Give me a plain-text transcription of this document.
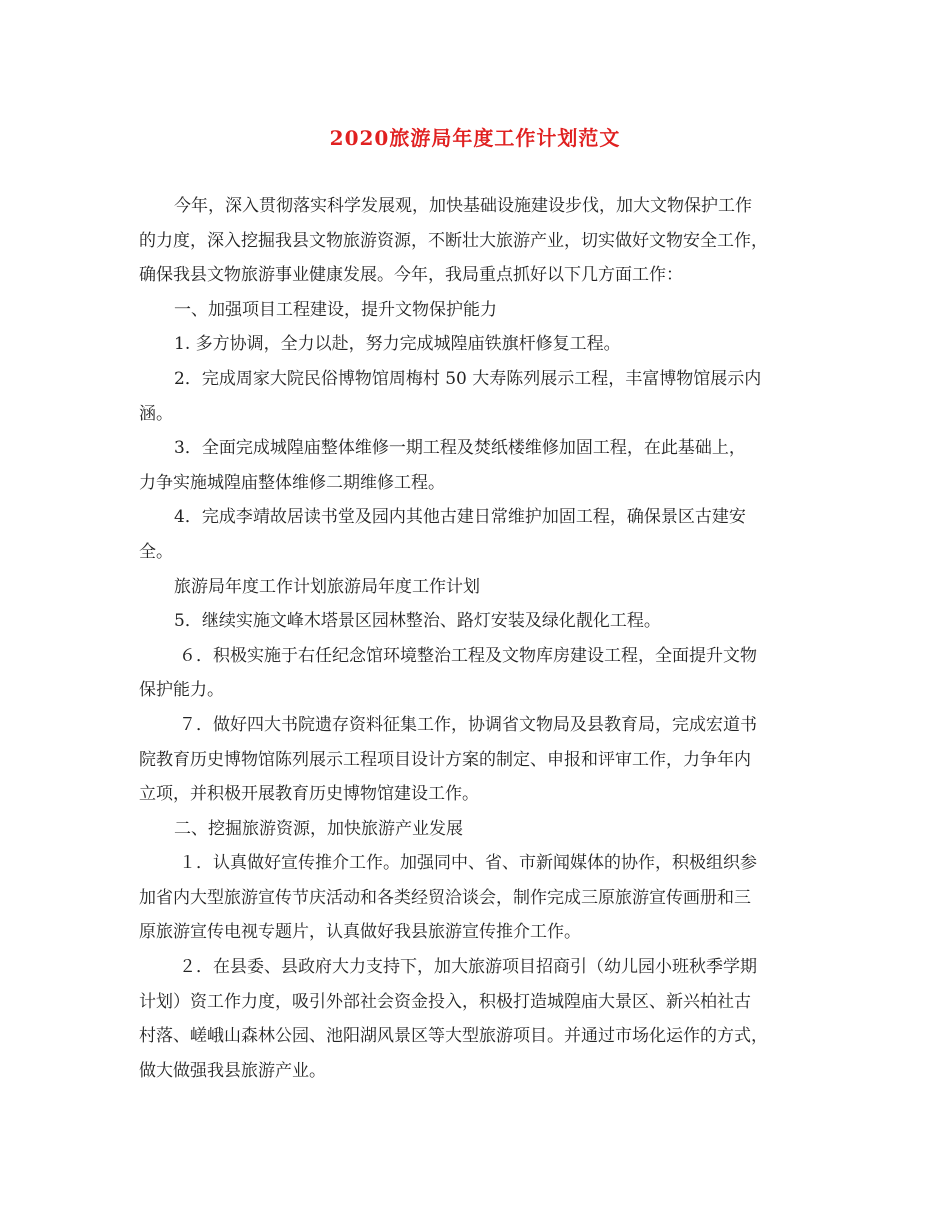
2020旅游局年度工作计划范文
今年，深入贯彻落实科学发展观，加快基础设施建设步伐，加大文物保护工作
的力度，深入挖掘我县文物旅游资源，不断壮大旅游产业，切实做好文物安全工作，
确保我县文物旅游事业健康发展。今年，我局重点抓好以下几方面工作：
一、加强项目工程建设，提升文物保护能力
1. 多方协调，全力以赴，努力完成城隍庙铁旗杆修复工程。
2．完成周家大院民俗博物馆周梅村 50 大寿陈列展示工程，丰富博物馆展示内
涵。
3．全面完成城隍庙整体维修一期工程及焚纸楼维修加固工程，在此基础上，
力争实施城隍庙整体维修二期维修工程。
4．完成李靖故居读书堂及园内其他古建日常维护加固工程，确保景区古建安
全。
旅游局年度工作计划旅游局年度工作计划
5．继续实施文峰木塔景区园林整治、路灯安装及绿化靓化工程。
６．积极实施于右任纪念馆环境整治工程及文物库房建设工程，全面提升文物
保护能力。
７．做好四大书院遗存资料征集工作，协调省文物局及县教育局，完成宏道书
院教育历史博物馆陈列展示工程项目设计方案的制定、申报和评审工作，力争年内
立项，并积极开展教育历史博物馆建设工作。
二、挖掘旅游资源，加快旅游产业发展
１．认真做好宣传推介工作。加强同中、省、市新闻媒体的协作，积极组织参
加省内大型旅游宣传节庆活动和各类经贸洽谈会，制作完成三原旅游宣传画册和三
原旅游宣传电视专题片，认真做好我县旅游宣传推介工作。
２．在县委、县政府大力支持下，加大旅游项目招商引（幼儿园小班秋季学期
计划）资工作力度，吸引外部社会资金投入，积极打造城隍庙大景区、新兴柏社古
村落、嵯峨山森林公园、池阳湖风景区等大型旅游项目。并通过市场化运作的方式，
做大做强我县旅游产业。
